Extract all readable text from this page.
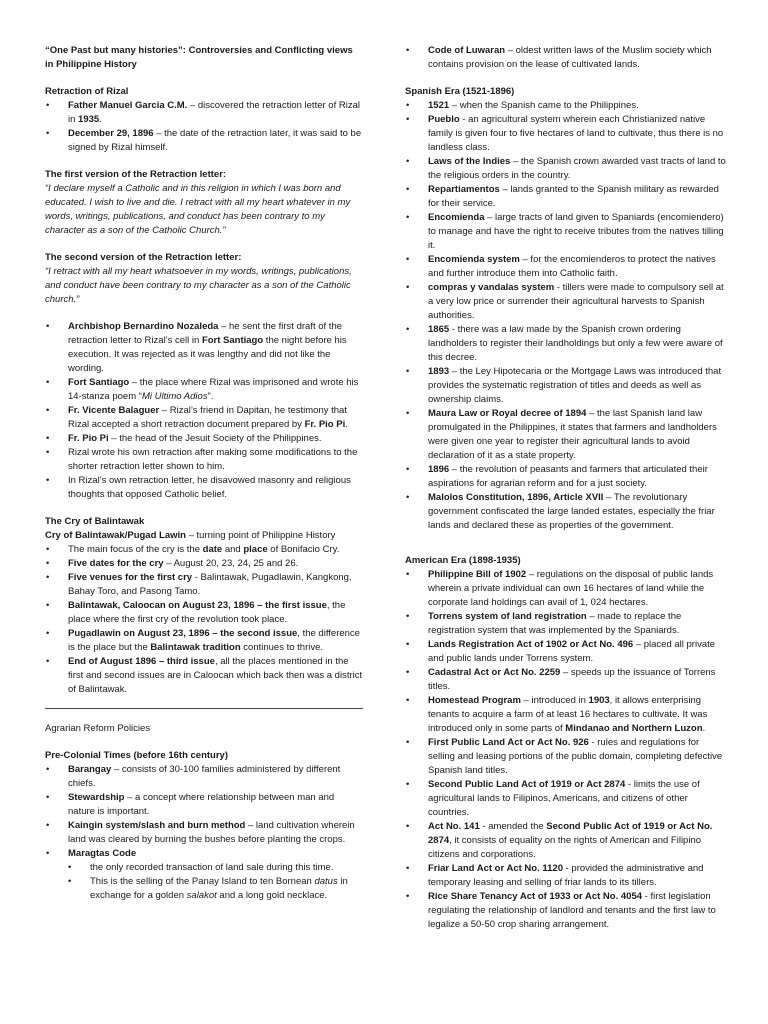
“One Past but many histories”: Controversies and Conflicting views in Philippine History

Retraction of Rizal
• Father Manuel Garcia C.M. – discovered the retraction letter of Rizal in 1935.
• December 29, 1896 – the date of the retraction later, it was said to be signed by Rizal himself.
The first version of the Retraction letter:

“I declare myself a Catholic and in this religion in which I was born and educated. I wish to live and die. I retract with all my heart whatever in my words, writings, publications, and conduct has been contrary to my character as a son of the Catholic Church.”

The second version of the Retraction letter:

“I retract with all my heart whatsoever in my words, writings, publications, and conduct have been contrary to my character as a son of the Catholic church.”

• Archbishop Bernardino Nozaleda – he sent the first draft of the retraction letter to Rizal’s cell in Fort Santiago the night before his execution. It was rejected as it was lengthy and did not like the wording.
• Fort Santiago – the place where Rizal was imprisoned and wrote his 14-stanza poem “Mi Ultimo Adios”.
• Fr. Vicente Balaguer – Rizal’s friend in Dapitan, he testimony that Rizal accepted a short retraction document prepared by Fr. Pio Pi.
• Fr. Pio Pi – the head of the Jesuit Society of the Philippines.
• Rizal wrote his own retraction after making some modifications to the shorter retraction letter shown to him.
• In Rizal’s own retraction letter, he disavowed masonry and religious thoughts that opposed Catholic belief.
The Cry of Balintawak
Cry of Balintawak/Pugad Lawin – turning point of Philippine History
• The main focus of the cry is the date and place of Bonifacio Cry.
• Five dates for the cry – August 20, 23, 24, 25 and 26.
• Five venues for the first cry - Balintawak, Pugadlawin, Kangkong, Bahay Toro, and Pasong Tamo.
• Balintawak, Caloocan on August 23, 1896 – the first issue, the place where the first cry of the revolution took place.
• Pugadlawin on August 23, 1896 – the second issue, the difference is the place but the Balintawak tradition continues to thrive.
• End of August 1896 – third issue, all the places mentioned in the first and second issues are in Caloocan which back then was a district of Balintawak.
Agrarian Reform Policies
Pre-Colonial Times (before 16th century)
• Barangay – consists of 30-100 families administered by different chiefs.
• Stewardship – a concept where relationship between man and nature is important.
• Kaingin system/slash and burn method – land cultivation wherein land was cleared by burning the bushes before planting the crops.
• Maragtas Code
• the only recorded transaction of land sale during this time.
• This is the selling of the Panay Island to ten Bornean datus in exchange for a golden salakot and a long gold necklace.
• Code of Luwaran – oldest written laws of the Muslim society which contains provision on the lease of cultivated lands.
Spanish Era (1521-1896)
• 1521 – when the Spanish came to the Philippines.
• Pueblo - an agricultural system wherein each Christianized native family is given four to five hectares of land to cultivate, thus there is no landless class.
• Laws of the Indies – the Spanish crown awarded vast tracts of land to the religious orders in the country.
• Repartiamentos – lands granted to the Spanish military as rewarded for their service.
• Encomienda – large tracts of land given to Spaniards (encomiendero) to manage and have the right to receive tributes from the natives tilling it.
• Encomienda system – for the encomienderos to protect the natives and further introduce them into Catholic faith.
• compras y vandalas system - tillers were made to compulsory sell at a very low price or surrender their agricultural harvests to Spanish authorities.
• 1865 - there was a law made by the Spanish crown ordering landholders to register their landholdings but only a few were aware of this decree.
• 1893 – the Ley Hipotecaria or the Mortgage Laws was introduced that provides the systematic registration of titles and deeds as well as ownership claims.
• Maura Law or Royal decree of 1894 – the last Spanish land law promulgated in the Philippines, it states that farmers and landholders were given one year to register their agricultural lands to avoid declaration of it as a state property.
• 1896 – the revolution of peasants and farmers that articulated their aspirations for agrarian reform and for a just society.
• Malolos Constitution, 1896, Article XVII – The revolutionary government confiscated the large landed estates, especially the friar lands and declared these as properties of the government.
American Era (1898-1935)
• Philippine Bill of 1902 – regulations on the disposal of public lands wherein a private individual can own 16 hectares of land while the corporate land holdings can avail of 1, 024 hectares.
• Torrens system of land registration – made to replace the registration system that was implemented by the Spaniards.
• Lands Registration Act of 1902 or Act No. 496 – placed all private and public lands under Torrens system.
• Cadastral Act or Act No. 2259 – speeds up the issuance of Torrens titles.
• Homestead Program – introduced in 1903, it allows enterprising tenants to acquire a farm of at least 16 hectares to cultivate. It was introduced only in some parts of Mindanao and Northern Luzon.
• First Public Land Act or Act No. 926 - rules and regulations for selling and leasing portions of the public domain, completing defective Spanish land titles.
• Second Public Land Act of 1919 or Act 2874 - limits the use of agricultural lands to Filipinos, Americans, and citizens of other countries.
• Act No. 141 - amended the Second Public Act of 1919 or Act No. 2874, it consists of equality on the rights of American and Filipino citizens and corporations.
• Friar Land Act or Act No. 1120 - provided the administrative and temporary leasing and selling of friar lands to its tillers.
• Rice Share Tenancy Act of 1933 or Act No. 4054 - first legislation regulating the relationship of landlord and tenants and the first law to legalize a 50-50 crop sharing arrangement.
